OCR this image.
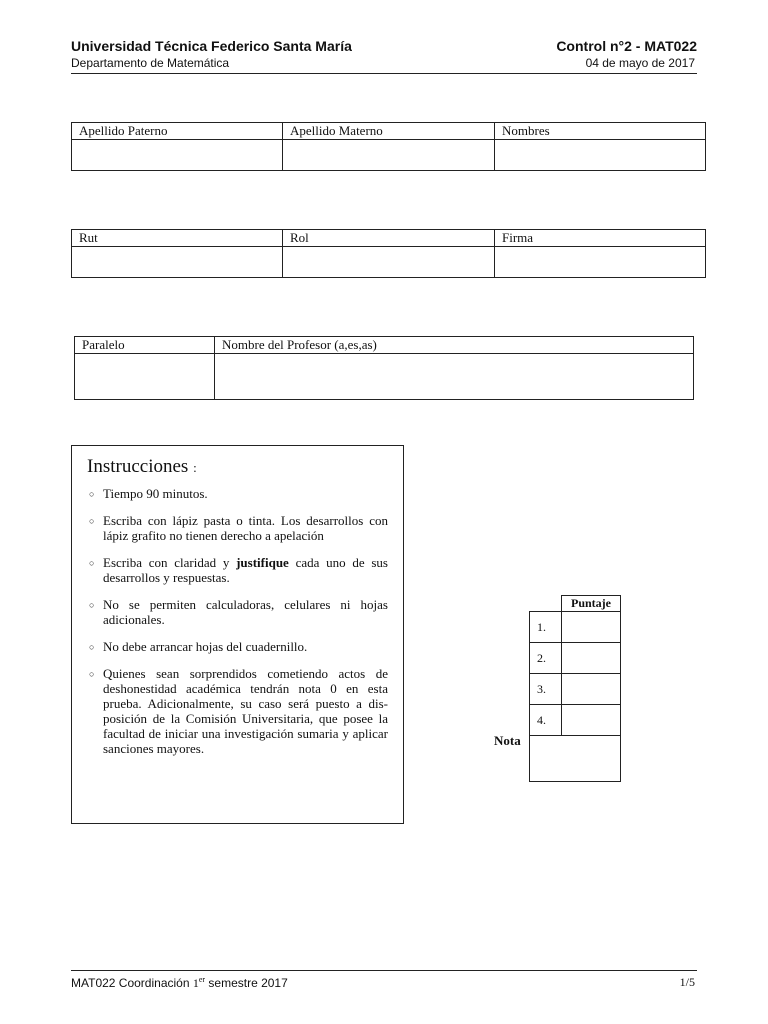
Universidad Técnica Federico Santa María
Departamento de Matemática
Control n°2 - MAT022
04 de mayo de 2017
Apellido Paterno	Apellido Materno	Nombres

Rut	Rol	Firma

Paralelo	Nombre del Profesor (a,es,as)

Instrucciones :
○ Tiempo 90 minutos.
○ Escriba con lápiz pasta o tinta. Los desarrollos con lápiz grafito no tienen derecho a apelación
○ Escriba con claridad y justifique cada uno de sus desarrollos y respuestas.
○ No se permiten calculadoras, celulares ni hojas adicionales.
○ No debe arrancar hojas del cuadernillo.
○ Quienes sean sorprendidos cometiendo actos de deshonestidad académica tendrán nota 0 en esta prueba. Adicionalmente, su caso será puesto a dis- posición de la Comisión Universitaria, que posee la facultad de iniciar una investigación sumaria y aplicar sanciones mayores.
	Puntaje
1.	
2.	
3.	
4.	

Nota
MAT022 Coordinación 1er semestre 2017	1/5
